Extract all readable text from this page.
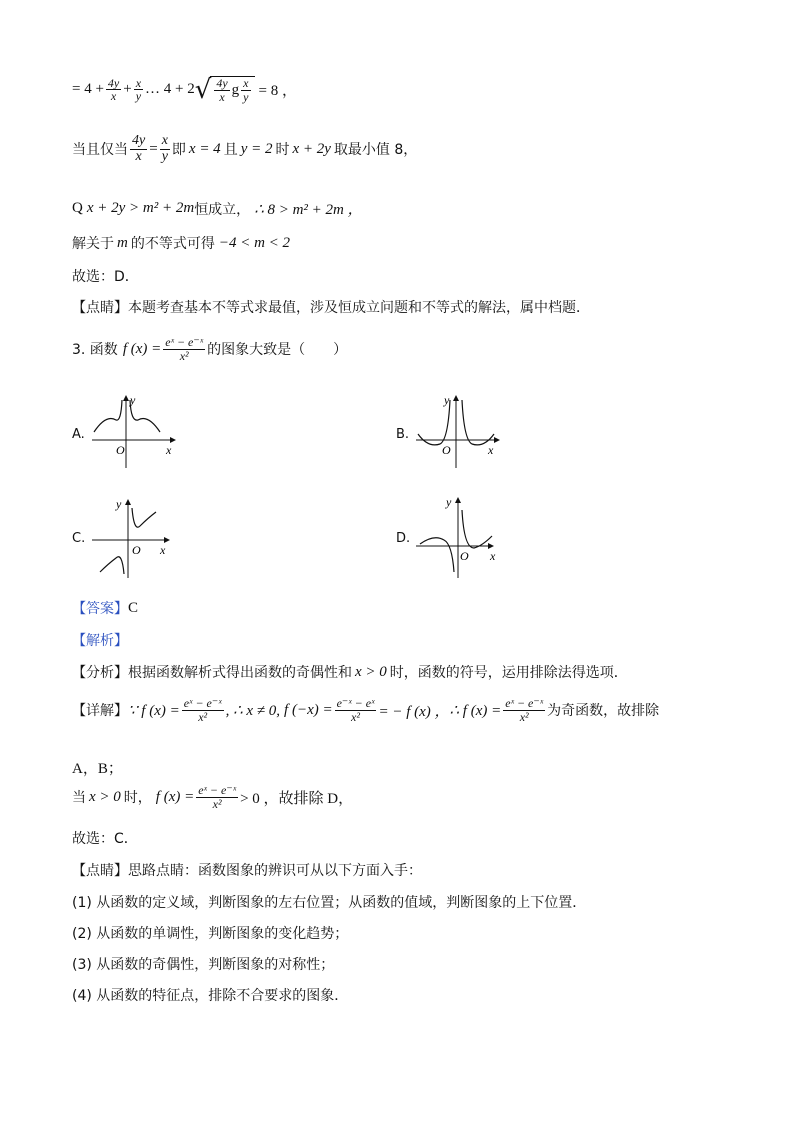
= $4 + \frac{4y}{x} + \frac{x}{y}$ … 4 + 2 √ $\frac{4y}{x}$ g $\frac{x}{y} = 8$ ，
当且仅当 $\frac{4y}{x} = \frac{x}{y}$ 即 x = 4 且 y = 2 时 x + 2y 取最小值 8，
Q x + 2y > m² + 2m 恒成立， ∴ 8 > m² + 2m ，
解关于 m 的不等式可得 −4 < m < 2
故选：D．
【点睛】本题考查基本不等式求最值，涉及恒成立问题和不等式的解法，属中档题．
3. 函数 f $(x) = \frac{\text{eˣ − e⁻ˣ}}{\text{x²}}$ 的图象大致是（　　）
A.
y
x
O
B.
y
x
O
C.
y
x
O
D.
y
x
O
【答案】 C
【解析】
【分析】根据函数解析式得出函数的奇偶性和 x > 0 时，函数的符号，运用排除法得选项．
【详解】 ∵ f $(x) = \frac{\text{eˣ − e⁻ˣ}}{\text{x²}}$ , ∴ x ≠ 0, f $(-x) = \frac{\text{e⁻ˣ − eˣ}}{\text{x²}}$ = − f (x) ， ∴ f $(x) = \frac{\text{eˣ − e⁻ˣ}}{\text{x²}}$ 为奇函数，故排除
A，B；
当 x > 0 时， f $(x) = \frac{\text{eˣ − e⁻ˣ}}{\text{x²}} > 0$ ，故排除 D，
故选：C．
【点睛】思路点睛：函数图象的辨识可从以下方面入手：
(1) 从函数的定义域，判断图象的左右位置；从函数的值域，判断图象的上下位置．
(2) 从函数的单调性，判断图象的变化趋势；
(3) 从函数的奇偶性，判断图象的对称性；
(4) 从函数的特征点，排除不合要求的图象．
